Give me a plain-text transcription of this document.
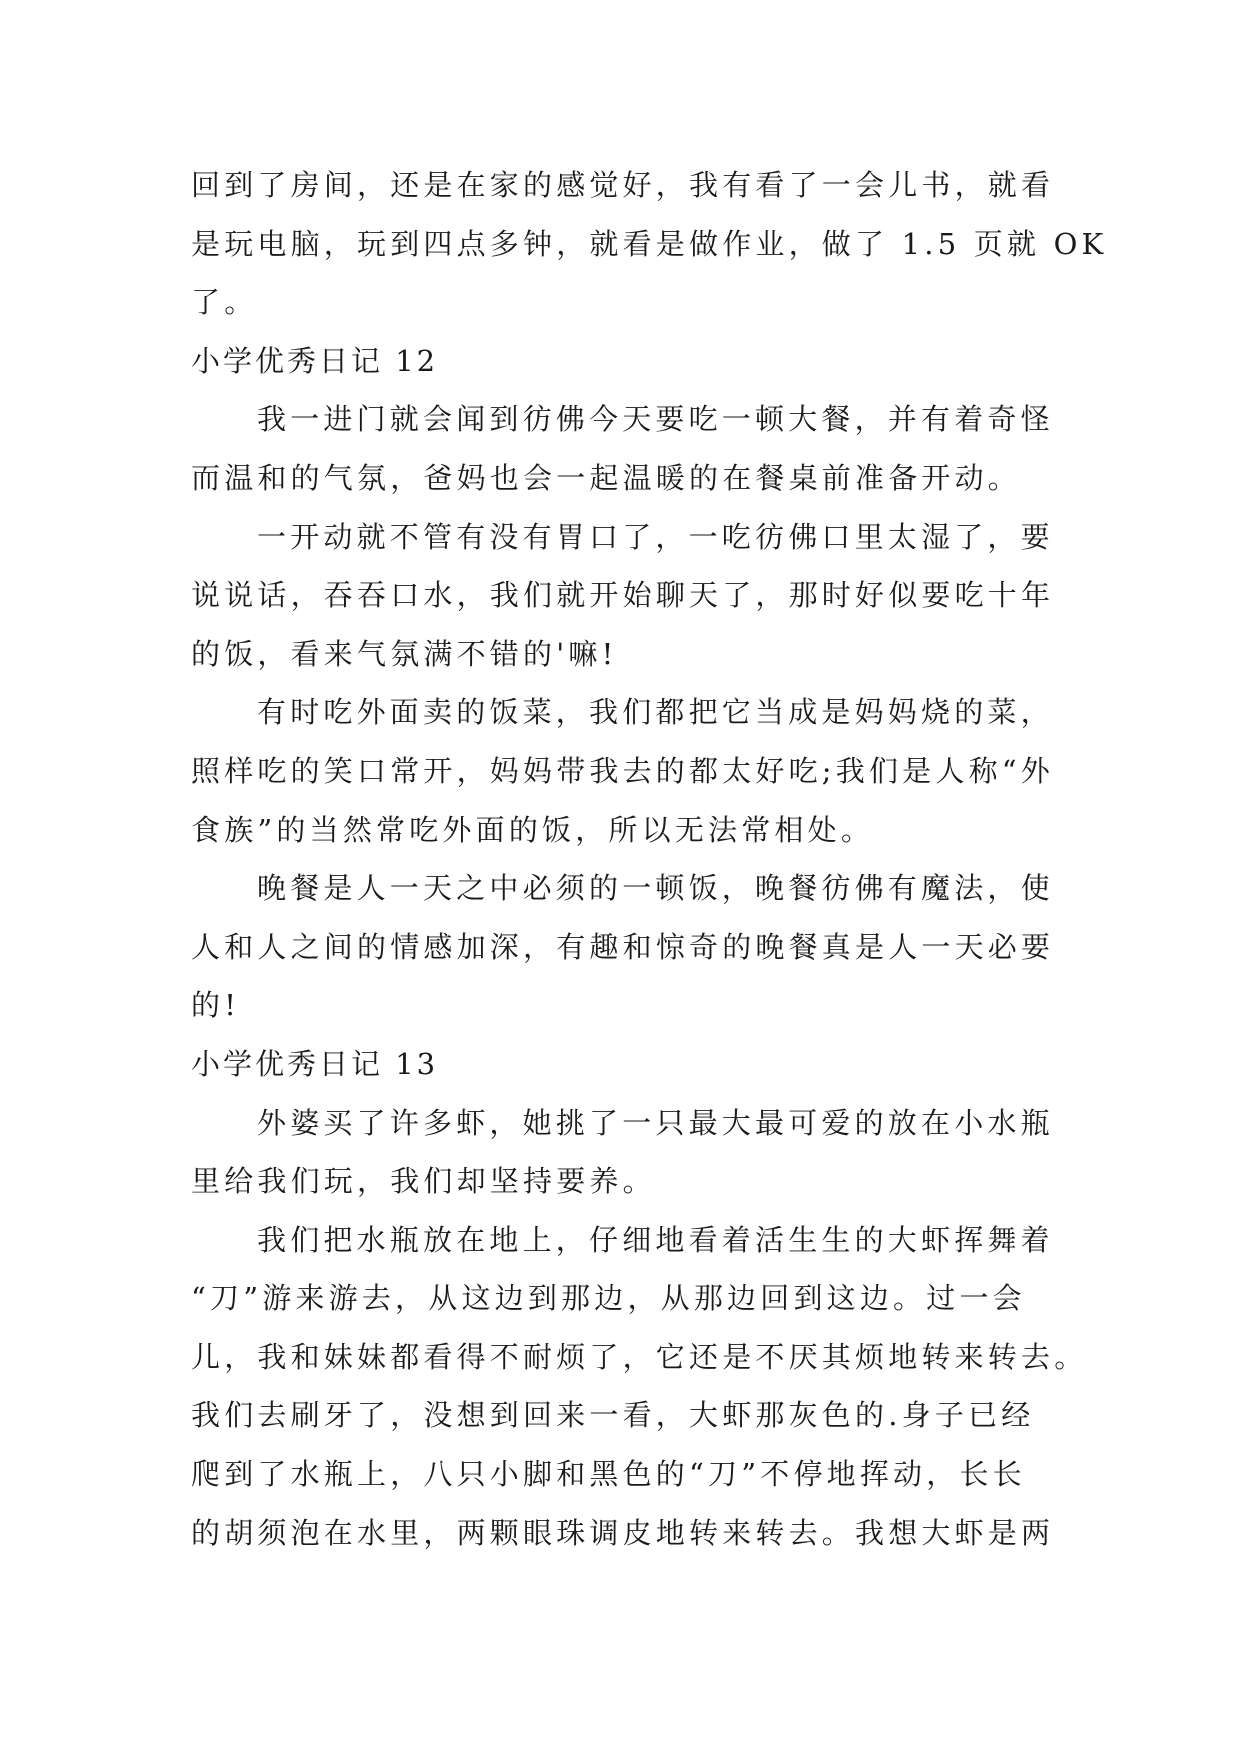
回到了房间，还是在家的感觉好，我有看了一会儿书，就看
是玩电脑，玩到四点多钟，就看是做作业，做了 1.5 页就 OK
了。
小学优秀日记 12
我一进门就会闻到彷佛今天要吃一顿大餐，并有着奇怪
而温和的气氛，爸妈也会一起温暖的在餐桌前准备开动。
一开动就不管有没有胃口了，一吃彷佛口里太湿了，要
说说话，吞吞口水，我们就开始聊天了，那时好似要吃十年
的饭，看来气氛满不错的'嘛!
有时吃外面卖的饭菜，我们都把它当成是妈妈烧的菜，
照样吃的笑口常开，妈妈带我去的都太好吃;我们是人称“外
食族”的当然常吃外面的饭，所以无法常相处。
晚餐是人一天之中必须的一顿饭，晚餐彷佛有魔法，使
人和人之间的情感加深，有趣和惊奇的晚餐真是人一天必要
的!
小学优秀日记 13
外婆买了许多虾，她挑了一只最大最可爱的放在小水瓶
里给我们玩，我们却坚持要养。
我们把水瓶放在地上，仔细地看着活生生的大虾挥舞着
“刀”游来游去，从这边到那边，从那边回到这边。过一会
儿，我和妹妹都看得不耐烦了，它还是不厌其烦地转来转去。
我们去刷牙了，没想到回来一看，大虾那灰色的.身子已经
爬到了水瓶上，八只小脚和黑色的“刀”不停地挥动，长长
的胡须泡在水里，两颗眼珠调皮地转来转去。我想大虾是两
